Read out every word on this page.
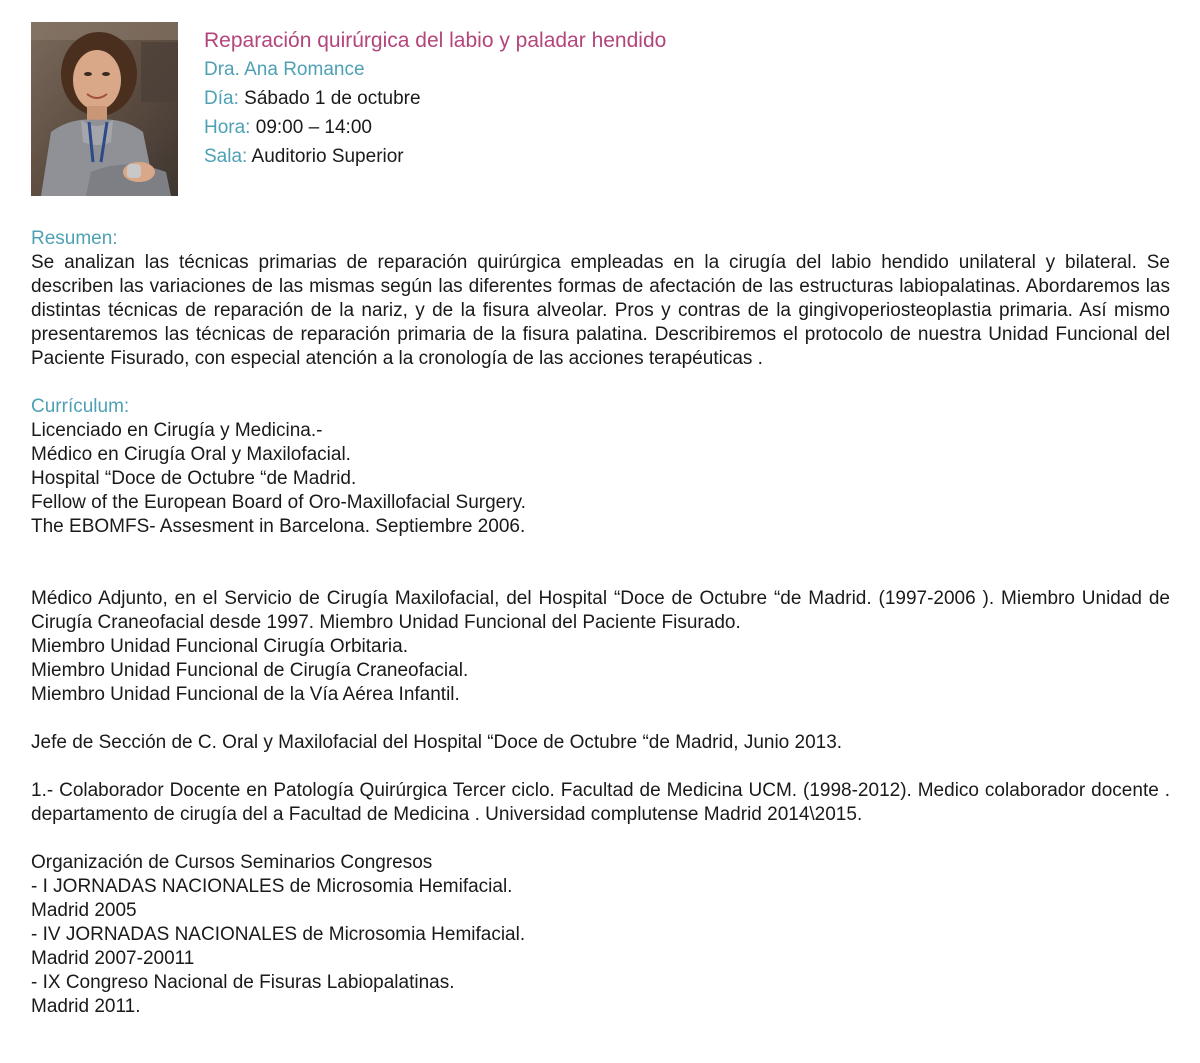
Reparación quirúrgica del labio y paladar hendido

Dra. Ana Romance

Día: Sábado 1 de octubre

Hora: 09:00 – 14:00

Sala: Auditorio Superior

Resumen:

Se analizan las técnicas primarias de reparación quirúrgica empleadas en la cirugía del labio hendido unilateral y bilateral. Se describen las variaciones de las mismas según las diferentes formas de afectación de las estructuras labiopalatinas. Abordaremos las distintas técnicas de reparación de la nariz, y de la fisura alveolar. Pros y contras de la gingivoperiosteoplastia primaria. Así mismo presentaremos las técnicas de reparación primaria de la fisura palatina. Describiremos el protocolo de nuestra Unidad Funcional del Paciente Fisurado, con especial atención a la cronología de las acciones terapéuticas .

Currículum:

Licenciado en Cirugía y Medicina.-

Médico en Cirugía Oral y Maxilofacial.

Hospital “Doce de Octubre “de Madrid.

Fellow of the European Board of Oro-Maxillofacial Surgery.

The EBOMFS- Assesment in Barcelona. Septiembre 2006.

Médico Adjunto, en el Servicio de Cirugía Maxilofacial, del Hospital “Doce de Octubre “de Madrid. (1997-2006 ). Miembro Unidad de Cirugía Craneofacial desde 1997. Miembro Unidad Funcional del Paciente Fisurado.

Miembro Unidad Funcional Cirugía Orbitaria.

Miembro Unidad Funcional de Cirugía Craneofacial.

Miembro Unidad Funcional de la Vía Aérea Infantil.

Jefe de Sección de C. Oral y Maxilofacial del Hospital “Doce de Octubre “de Madrid, Junio 2013.

1.- Colaborador Docente en Patología Quirúrgica Tercer ciclo. Facultad de Medicina UCM. (1998-2012). Medico colaborador docente . departamento de cirugía del a Facultad de Medicina . Universidad complutense Madrid 2014\2015.

Organización de Cursos Seminarios Congresos

- I JORNADAS NACIONALES de Microsomia Hemifacial.

Madrid 2005

- IV JORNADAS NACIONALES de Microsomia Hemifacial.

Madrid 2007-20011

- IX Congreso Nacional de Fisuras Labiopalatinas.

Madrid 2011.
